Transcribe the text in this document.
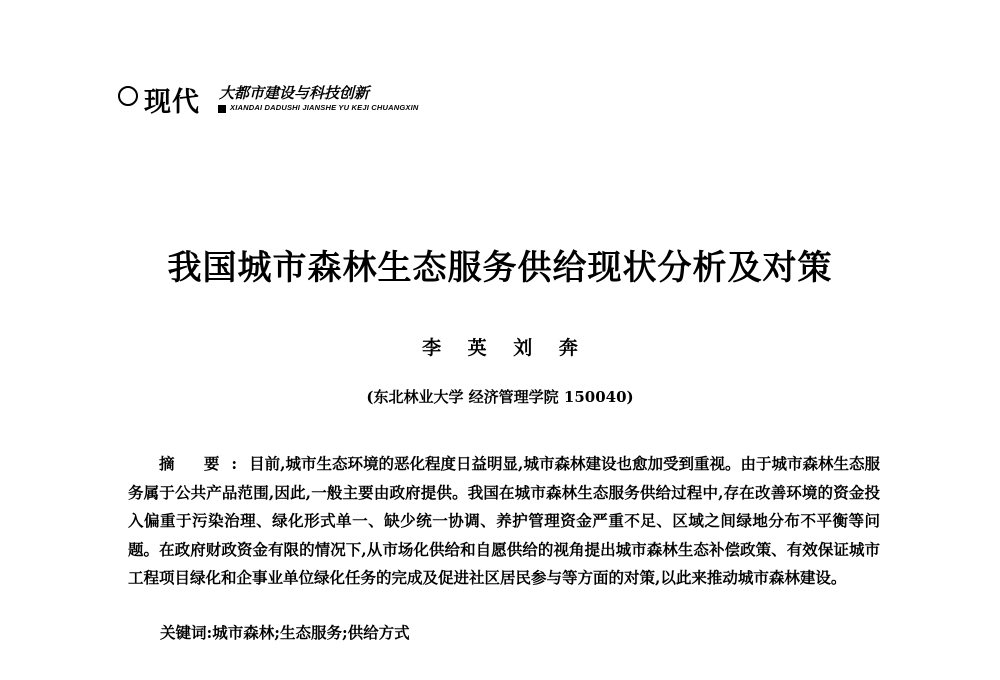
现代 大都市建设与科技创新
XIANDAI DADUSHI JIANSHE YU KEJI CHUANGXIN
我国城市森林生态服务供给现状分析及对策
李 英 刘 奔
(东北林业大学 经济管理学院 150040)

摘 要:目前,城市生态环境的恶化程度日益明显,城市森林建设也愈加受到重视。由于城市森林生态服务属于公共产品范围,因此,一般主要由政府提供。我国在城市森林生态服务供给过程中,存在改善环境的资金投入偏重于污染治理、绿化形式单一、缺少统一协调、养护管理资金严重不足、区域之间绿地分布不平衡等问题。在政府财政资金有限的情况下,从市场化供给和自愿供给的视角提出城市森林生态补偿政策、有效保证城市工程项目绿化和企事业单位绿化任务的完成及促进社区居民参与等方面的对策,以此来推动城市森林建设。

关键词:城市森林;生态服务;供给方式
